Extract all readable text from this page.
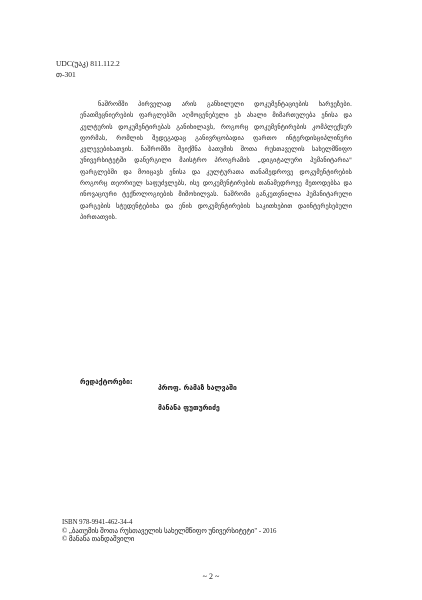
UDC(უაკ) 811.112.2
თ-301
ნაშრომში პირველად არის განხილული დოკუმენტაციების ხარვეზები. ენათმეცნიერების ფარგლებში აღმოცენებული ეს ახალი მიმართულება ენისა და კულტურის დოკუმენტირებას განიხილავს, როგორც დოკუმენტირების კომპლექსურ ფორმას, რომლის შედეგადაც განივრცობადია ფართო ინტერდისციპლინური კვლევებისათვის. ნაშრომში შეიქმნა ბათუმის შოთა რუსთაველის სახელმწიფო უნივერსიტეტში დანერგილი მაისტრო პროგრამის „დიგიტალური ჰუმანიტარია" ფარგლებში და მოიცავს ენისა და კულტურათა თანამედროვე დოკუმენტირების როგორც თეორიულ საფუძვლებს, ისე დოკუმენტირების თანამედროვე მეთოდებსა და ინოვაციური ტექნოლოგიების მიმოხილვას. ნაშრომი განკუთვნილია ჰუმანიტარული დარგების სტუდენტებისა და ენის დოკუმენტირების საკითხებით დაინტერესებული პირთათვის.
რედაქტორები:
პროფ. რამაზ ხალვაში
მანანა ფუთურიძე
ISBN 978-9941-462-34-4
© „ბათუმის შოთა რუსთაველის სახელმწიფო უნივერსიტეტი" - 2016
© მანანა თანდაშვილი
~ 2 ~
